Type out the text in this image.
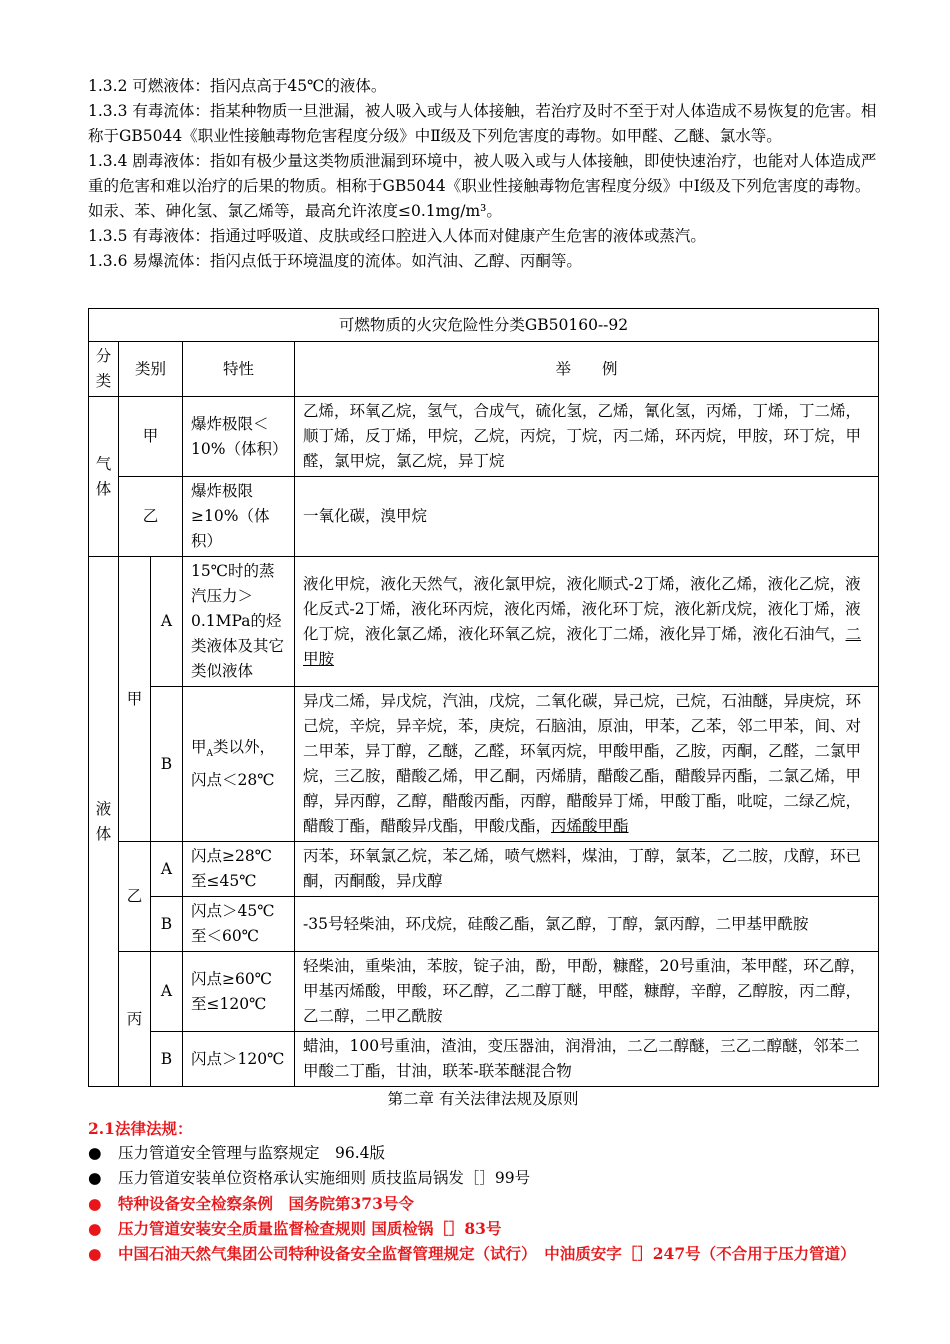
1.3.2 可燃液体：指闪点高于45℃的液体。

1.3.3 有毒流体：指某种物质一旦泄漏，被人吸入或与人体接触，若治疗及时不至于对人体造成不易恢复的危害。相称于GB5044《职业性接触毒物危害程度分级》中Ⅱ级及下列危害度的毒物。如甲醛、乙醚、氯水等。

1.3.4 剧毒液体：指如有极少量这类物质泄漏到环境中，被人吸入或与人体接触，即使快速治疗，也能对人体造成严重的危害和难以治疗的后果的物质。相称于GB5044《职业性接触毒物危害程度分级》中Ⅰ级及下列危害度的毒物。如汞、苯、砷化氢、氯乙烯等，最高允许浓度≤0.1mg/m³。

1.3.5 有毒液体：指通过呼吸道、皮肤或经口腔进入人体而对健康产生危害的液体或蒸汽。

1.3.6 易爆流体：指闪点低于环境温度的流体。如汽油、乙醇、丙酮等。

可燃物质的火灾危险性分类GB50160--92				
分类	类别		特性	举　　例
气体	甲		爆炸极限＜10%（体积）	乙烯，环氧乙烷，氢气，合成气，硫化氢，乙烯，氰化氢，丙烯，丁烯，丁二烯，顺丁烯，反丁烯，甲烷，乙烷，丙烷，丁烷，丙二烯，环丙烷，甲胺，环丁烷，甲醛，氯甲烷，氯乙烷，异丁烷
	乙		爆炸极限≥10%（体积）	一氧化碳，溴甲烷
液体	甲	A	15℃时的蒸汽压力＞0.1MPa的烃类液体及其它类似液体	液化甲烷，液化天然气，液化氯甲烷，液化顺式-2丁烯，液化乙烯，液化乙烷，液化反式-2丁烯，液化环丙烷，液化丙烯，液化环丁烷，液化新戊烷，液化丁烯，液化丁烷，液化氯乙烯，液化环氧乙烷，液化丁二烯，液化异丁烯，液化石油气，二甲胺
		B	甲$_A$类以外，闪点＜28℃	异戊二烯，异戊烷，汽油，戊烷，二氧化碳，异己烷，己烷，石油醚，异庚烷，环己烷，辛烷，异辛烷，苯，庚烷，石脑油，原油，甲苯，乙苯，邻二甲苯，间、对二甲苯，异丁醇，乙醚，乙醛，环氧丙烷，甲酸甲酯，乙胺，丙酮，乙醛，二氯甲烷，三乙胺，醋酸乙烯，甲乙酮，丙烯腈，醋酸乙酯，醋酸异丙酯，二氯乙烯，甲醇，异丙醇，乙醇，醋酸丙酯，丙醇，醋酸异丁烯，甲酸丁酯，吡啶，二绿乙烷，醋酸丁酯，醋酸异戊酯，甲酸戊酯，丙烯酸甲酯
	乙	A	闪点≥28℃至≤45℃	丙苯，环氧氯乙烷，苯乙烯，喷气燃料，煤油，丁醇，氯苯，乙二胺，戊醇，环已酮，丙酮酸，异戊醇
		B	闪点＞45℃至＜60℃	-35号轻柴油，环戊烷，硅酸乙酯，氯乙醇，丁醇，氯丙醇，二甲基甲酰胺
	丙	A	闪点≥60℃至≤120℃	轻柴油，重柴油，苯胺，锭子油，酚，甲酚，糠醛，20号重油，苯甲醛，环乙醇，甲基丙烯酸，甲酸，环乙醇，乙二醇丁醚，甲醛，糠醇，辛醇，乙醇胺，丙二醇，乙二醇，二甲乙酰胺
		B	闪点＞120℃	蜡油，100号重油，渣油，变压器油，润滑油，二乙二醇醚，三乙二醇醚，邻苯二甲酸二丁酯，甘油，联苯-联苯醚混合物

第二章 有关法律法规及原则

2.1法律法规：

● 压力管道安全管理与监察规定　96.4版
● 压力管道安装单位资格承认实施细则 质技监局锅发［］99号
● 特种设备安全检察条例　国务院第373号令
● 压力管道安装安全质量监督检查规则 国质检锅［］83号
● 中国石油天然气集团公司特种设备安全监督管理规定（试行）　中油质安字［］247号（不合用于压力管道）
